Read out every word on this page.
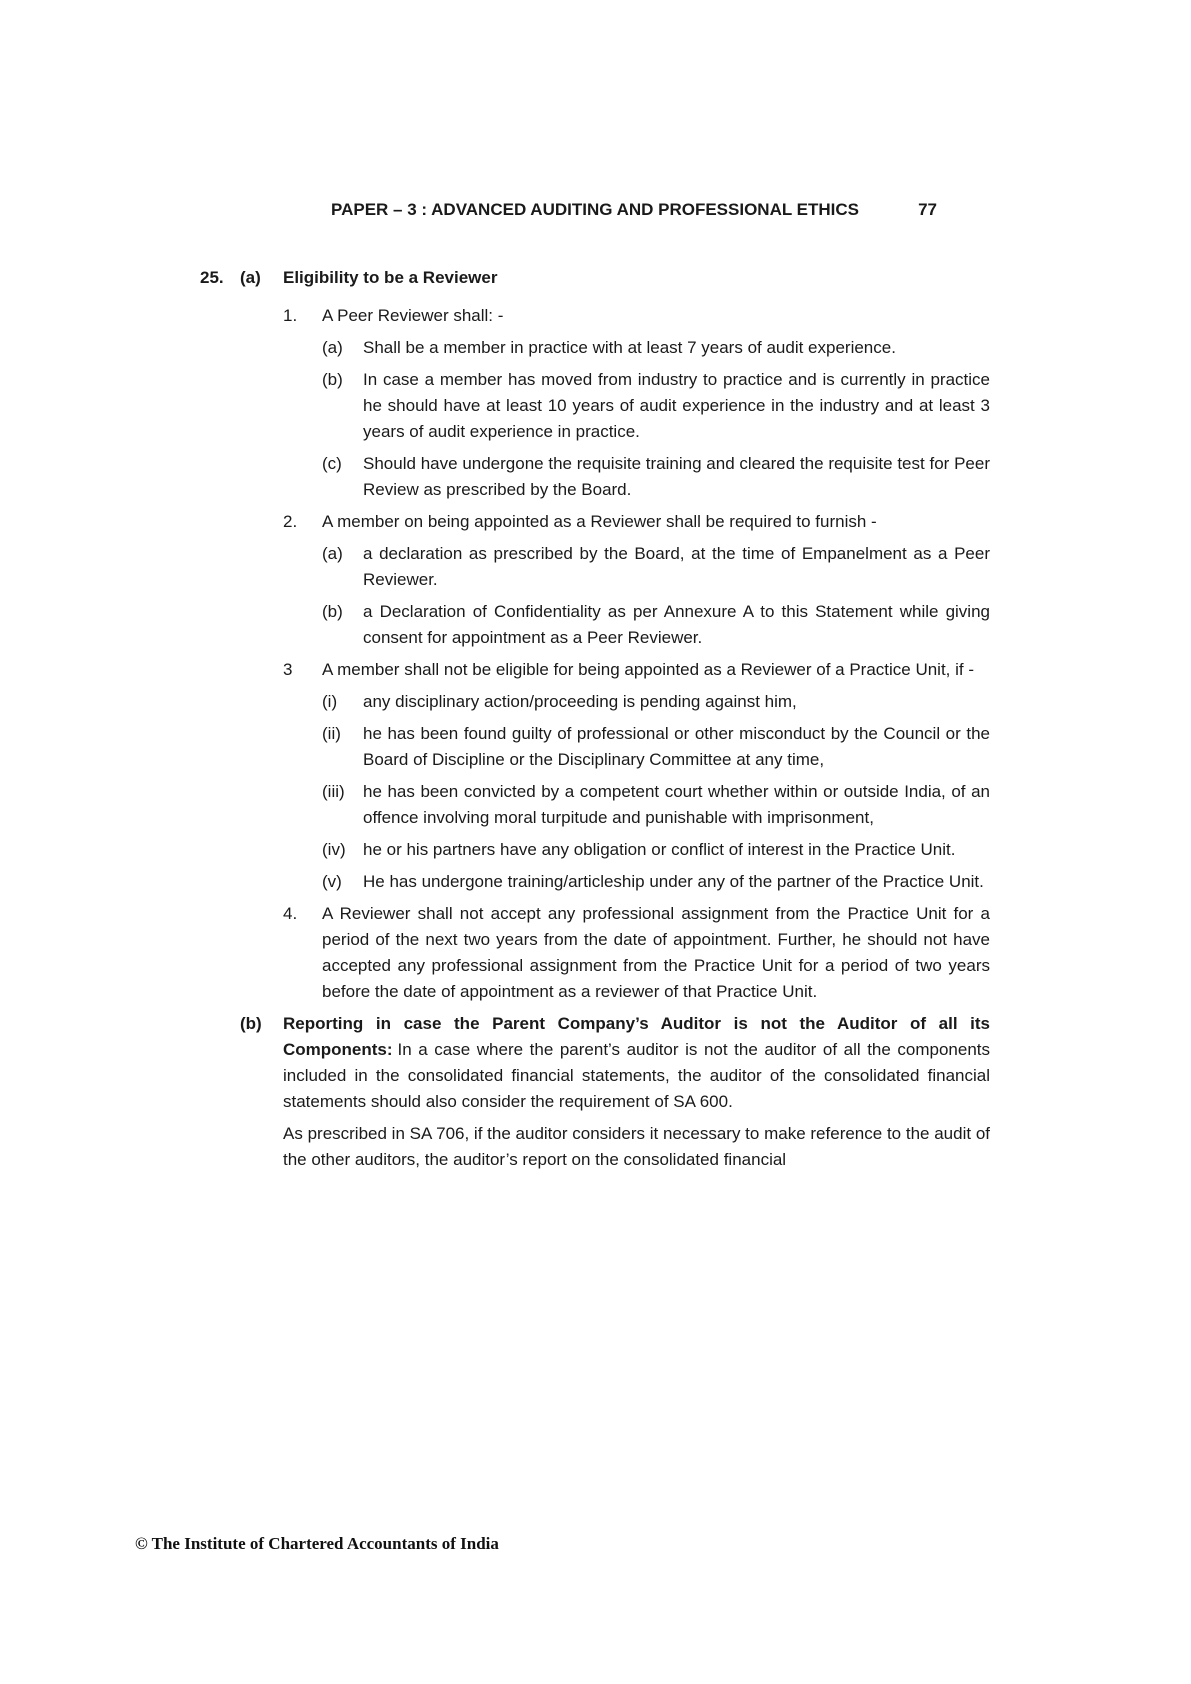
PAPER – 3 : ADVANCED AUDITING AND PROFESSIONAL ETHICS	77
25. (a)	Eligibility to be a Reviewer
1.	A Peer Reviewer shall: -
(a)	Shall be a member in practice with at least 7 years of audit experience.
(b)	In case a member has moved from industry to practice and is currently in practice he should have at least 10 years of audit experience in the industry and at least 3 years of audit experience in practice.
(c)	Should have undergone the requisite training and cleared the requisite test for Peer Review as prescribed by the Board.
2.	A member on being appointed as a Reviewer shall be required to furnish -
(a)	a declaration as prescribed by the Board, at the time of Empanelment as a Peer Reviewer.
(b)	a Declaration of Confidentiality as per Annexure A to this Statement while giving consent for appointment as a Peer Reviewer.
3	A member shall not be eligible for being appointed as a Reviewer of a Practice Unit, if -
(i)	any disciplinary action/proceeding is pending against him,
(ii)	he has been found guilty of professional or other misconduct by the Council or the Board of Discipline or the Disciplinary Committee at any time,
(iii)	he has been convicted by a competent court whether within or outside India, of an offence involving moral turpitude and punishable with imprisonment,
(iv)	he or his partners have any obligation or conflict of interest in the Practice Unit.
(v)	He has undergone training/articleship under any of the partner of the Practice Unit.
4.	A Reviewer shall not accept any professional assignment from the Practice Unit for a period of the next two years from the date of appointment. Further, he should not have accepted any professional assignment from the Practice Unit for a period of two years before the date of appointment as a reviewer of that Practice Unit.
(b)	Reporting in case the Parent Company’s Auditor is not the Auditor of all its Components: In a case where the parent’s auditor is not the auditor of all the components included in the consolidated financial statements, the auditor of the consolidated financial statements should also consider the requirement of SA 600.
As prescribed in SA 706, if the auditor considers it necessary to make reference to the audit of the other auditors, the auditor’s report on the consolidated financial
© The Institute of Chartered Accountants of India
